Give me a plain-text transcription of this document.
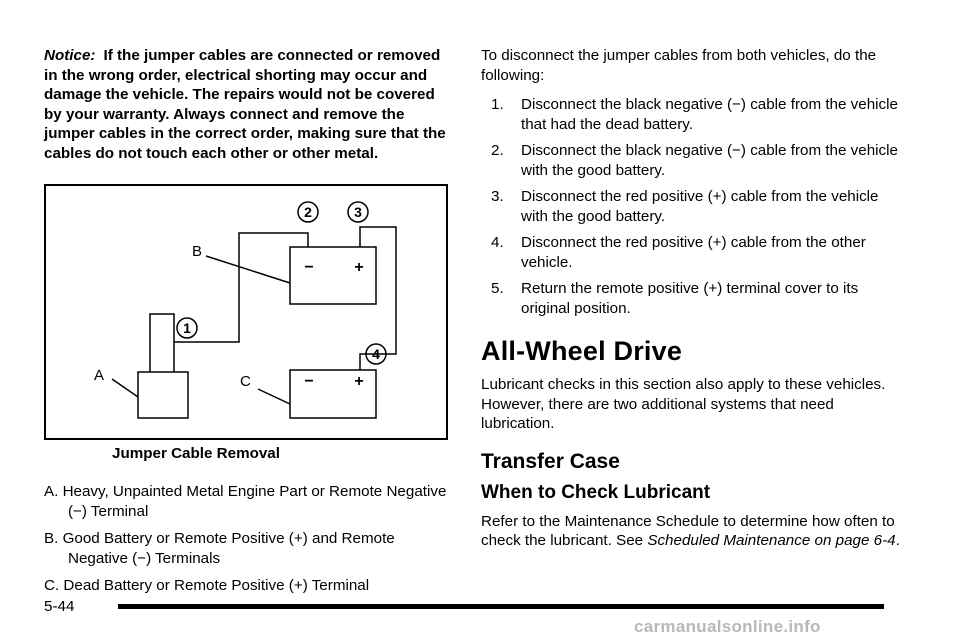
Notice: If the jumper cables are connected or removed in the wrong order, electrical shorting may occur and damage the vehicle. The repairs would not be covered by your warranty. Always connect and remove the jumper cables in the correct order, making sure that the cables do not touch each other or other metal.

1
2	3
4
A
B
C
−	+
−	+
Jumper Cable Removal
A. Heavy, Unpainted Metal Engine Part or Remote Negative (−) Terminal
B. Good Battery or Remote Positive (+) and Remote Negative (−) Terminals
C. Dead Battery or Remote Positive (+) Terminal

To disconnect the jumper cables from both vehicles, do the following:

1. Disconnect the black negative (−) cable from the vehicle that had the dead battery.
2. Disconnect the black negative (−) cable from the vehicle with the good battery.
3. Disconnect the red positive (+) cable from the vehicle with the good battery.
4. Disconnect the red positive (+) cable from the other vehicle.
5. Return the remote positive (+) terminal cover to its original position.
All-Wheel Drive

Lubricant checks in this section also apply to these vehicles. However, there are two additional systems that need lubrication.

Transfer Case
When to Check Lubricant

Refer to the Maintenance Schedule to determine how often to check the lubricant. See Scheduled Maintenance on page 6-4.

5-44
carmanualsonline.info
